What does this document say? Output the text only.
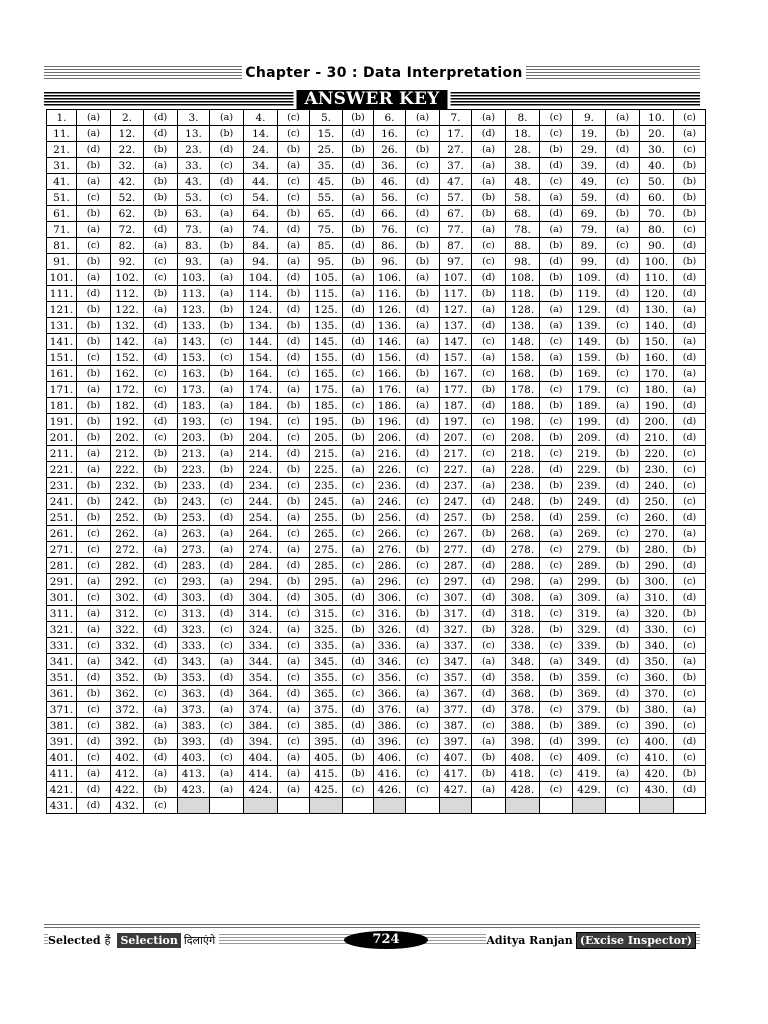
Chapter - 30 : Data Interpretation
ANSWER KEY
1.	(a)	2.	(d)	3.	(a)	4.	(c)	5.	(b)	6.	(a)	7.	(a)	8.	(c)	9.	(a)	10.	(c)
11.	(a)	12.	(d)	13.	(b)	14.	(c)	15.	(d)	16.	(c)	17.	(d)	18.	(c)	19.	(b)	20.	(a)
21.	(d)	22.	(b)	23.	(d)	24.	(b)	25.	(b)	26.	(b)	27.	(a)	28.	(b)	29.	(d)	30.	(c)
31.	(b)	32.	(a)	33.	(c)	34.	(a)	35.	(d)	36.	(c)	37.	(a)	38.	(d)	39.	(d)	40.	(b)
41.	(a)	42.	(b)	43.	(d)	44.	(c)	45.	(b)	46.	(d)	47.	(a)	48.	(c)	49.	(c)	50.	(b)
51.	(c)	52.	(b)	53.	(c)	54.	(c)	55.	(a)	56.	(c)	57.	(b)	58.	(a)	59.	(d)	60.	(b)
61.	(b)	62.	(b)	63.	(a)	64.	(b)	65.	(d)	66.	(d)	67.	(b)	68.	(d)	69.	(b)	70.	(b)
71.	(a)	72.	(d)	73.	(a)	74.	(d)	75.	(b)	76.	(c)	77.	(a)	78.	(a)	79.	(a)	80.	(c)
81.	(c)	82.	(a)	83.	(b)	84.	(a)	85.	(d)	86.	(b)	87.	(c)	88.	(b)	89.	(c)	90.	(d)
91.	(b)	92.	(c)	93.	(a)	94.	(a)	95.	(b)	96.	(b)	97.	(c)	98.	(d)	99.	(d)	100.	(b)
101.	(a)	102.	(c)	103.	(a)	104.	(d)	105.	(a)	106.	(a)	107.	(d)	108.	(b)	109.	(d)	110.	(d)
111.	(d)	112.	(b)	113.	(a)	114.	(b)	115.	(a)	116.	(b)	117.	(b)	118.	(b)	119.	(d)	120.	(d)
121.	(b)	122.	(a)	123.	(b)	124.	(d)	125.	(d)	126.	(d)	127.	(a)	128.	(a)	129.	(d)	130.	(a)
131.	(b)	132.	(d)	133.	(b)	134.	(b)	135.	(d)	136.	(a)	137.	(d)	138.	(a)	139.	(c)	140.	(d)
141.	(b)	142.	(a)	143.	(c)	144.	(d)	145.	(d)	146.	(a)	147.	(c)	148.	(c)	149.	(b)	150.	(a)
151.	(c)	152.	(d)	153.	(c)	154.	(d)	155.	(d)	156.	(d)	157.	(a)	158.	(a)	159.	(b)	160.	(d)
161.	(b)	162.	(c)	163.	(b)	164.	(c)	165.	(c)	166.	(b)	167.	(c)	168.	(b)	169.	(c)	170.	(a)
171.	(a)	172.	(c)	173.	(a)	174.	(a)	175.	(a)	176.	(a)	177.	(b)	178.	(c)	179.	(c)	180.	(a)
181.	(b)	182.	(d)	183.	(a)	184.	(b)	185.	(c)	186.	(a)	187.	(d)	188.	(b)	189.	(a)	190.	(d)
191.	(b)	192.	(d)	193.	(c)	194.	(c)	195.	(b)	196.	(d)	197.	(c)	198.	(c)	199.	(d)	200.	(d)
201.	(b)	202.	(c)	203.	(b)	204.	(c)	205.	(b)	206.	(d)	207.	(c)	208.	(b)	209.	(d)	210.	(d)
211.	(a)	212.	(b)	213.	(a)	214.	(d)	215.	(a)	216.	(d)	217.	(c)	218.	(c)	219.	(b)	220.	(c)
221.	(a)	222.	(b)	223.	(b)	224.	(b)	225.	(a)	226.	(c)	227.	(a)	228.	(d)	229.	(b)	230.	(c)
231.	(b)	232.	(b)	233.	(d)	234.	(c)	235.	(c)	236.	(d)	237.	(a)	238.	(b)	239.	(d)	240.	(c)
241.	(b)	242.	(b)	243.	(c)	244.	(b)	245.	(a)	246.	(c)	247.	(d)	248.	(b)	249.	(d)	250.	(c)
251.	(b)	252.	(b)	253.	(d)	254.	(a)	255.	(b)	256.	(d)	257.	(b)	258.	(d)	259.	(c)	260.	(d)
261.	(c)	262.	(a)	263.	(a)	264.	(c)	265.	(c)	266.	(c)	267.	(b)	268.	(a)	269.	(c)	270.	(a)
271.	(c)	272.	(a)	273.	(a)	274.	(a)	275.	(a)	276.	(b)	277.	(d)	278.	(c)	279.	(b)	280.	(b)
281.	(c)	282.	(d)	283.	(d)	284.	(d)	285.	(c)	286.	(c)	287.	(d)	288.	(c)	289.	(b)	290.	(d)
291.	(a)	292.	(c)	293.	(a)	294.	(b)	295.	(a)	296.	(c)	297.	(d)	298.	(a)	299.	(b)	300.	(c)
301.	(c)	302.	(d)	303.	(d)	304.	(d)	305.	(d)	306.	(c)	307.	(d)	308.	(a)	309.	(a)	310.	(d)
311.	(a)	312.	(c)	313.	(d)	314.	(c)	315.	(c)	316.	(b)	317.	(d)	318.	(c)	319.	(a)	320.	(b)
321.	(a)	322.	(d)	323.	(c)	324.	(a)	325.	(b)	326.	(d)	327.	(b)	328.	(b)	329.	(d)	330.	(c)
331.	(c)	332.	(d)	333.	(c)	334.	(c)	335.	(a)	336.	(a)	337.	(c)	338.	(c)	339.	(b)	340.	(c)
341.	(a)	342.	(d)	343.	(a)	344.	(a)	345.	(d)	346.	(c)	347.	(a)	348.	(a)	349.	(d)	350.	(a)
351.	(d)	352.	(b)	353.	(d)	354.	(c)	355.	(c)	356.	(c)	357.	(d)	358.	(b)	359.	(c)	360.	(b)
361.	(b)	362.	(c)	363.	(d)	364.	(d)	365.	(c)	366.	(a)	367.	(d)	368.	(b)	369.	(d)	370.	(c)
371.	(c)	372.	(a)	373.	(a)	374.	(a)	375.	(d)	376.	(a)	377.	(d)	378.	(c)	379.	(b)	380.	(a)
381.	(c)	382.	(a)	383.	(c)	384.	(c)	385.	(d)	386.	(c)	387.	(c)	388.	(b)	389.	(c)	390.	(c)
391.	(d)	392.	(b)	393.	(d)	394.	(c)	395.	(d)	396.	(c)	397.	(a)	398.	(d)	399.	(c)	400.	(d)
401.	(c)	402.	(d)	403.	(c)	404.	(a)	405.	(b)	406.	(c)	407.	(b)	408.	(c)	409.	(c)	410.	(c)
411.	(a)	412.	(a)	413.	(a)	414.	(a)	415.	(b)	416.	(c)	417.	(b)	418.	(c)	419.	(a)	420.	(b)
421.	(d)	422.	(b)	423.	(a)	424.	(a)	425.	(c)	426.	(c)	427.	(a)	428.	(c)	429.	(c)	430.	(d)
431.	(d)	432.	(c)																
Selected हैं Selection दिलाएंगे	724	Aditya Ranjan (Excise Inspector)
